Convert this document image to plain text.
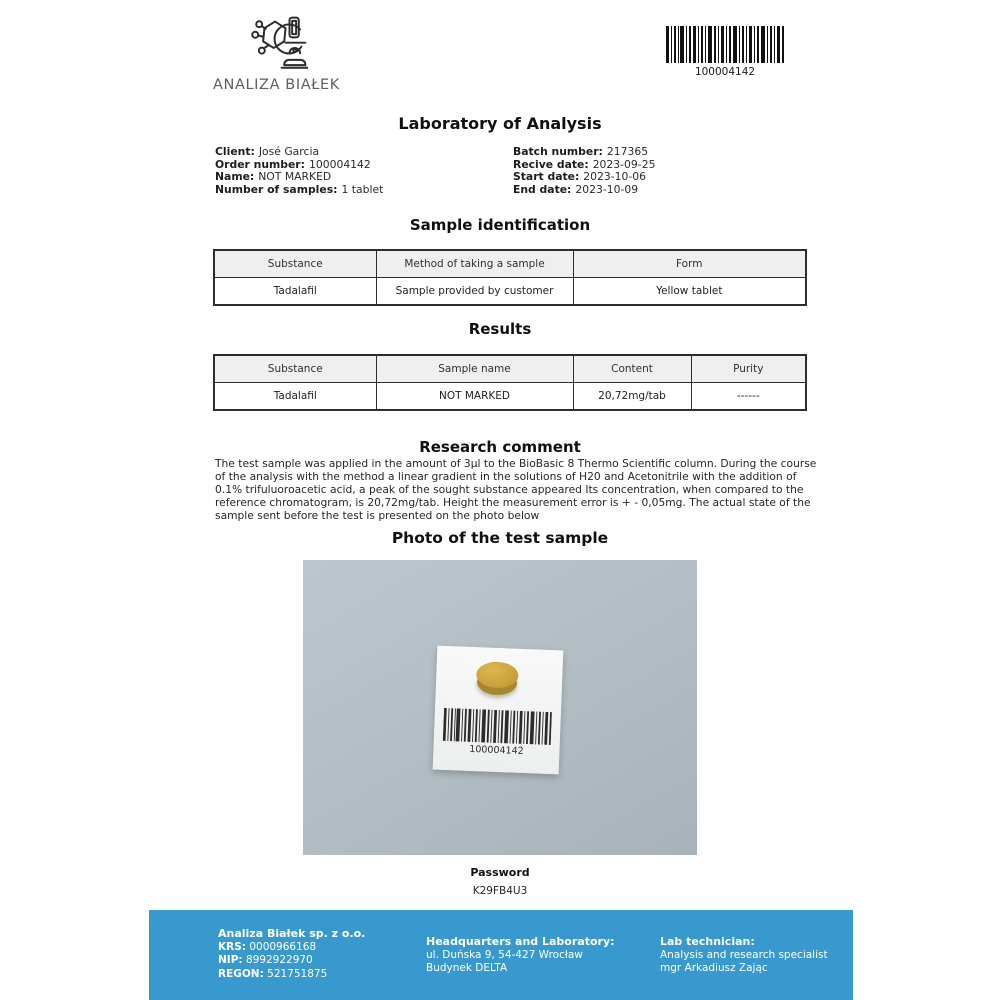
ANALIZA BIAŁEK
100004142
Laboratory of Analysis
Client: José Garcia
Order number: 100004142
Name: NOT MARKED
Number of samples: 1 tablet
Batch number: 217365
Recive date: 2023-09-25
Start date: 2023-10-06
End date: 2023-10-09
Sample identification
Substance	Method of taking a sample	Form
Tadalafil	Sample provided by customer	Yellow tablet
Results
Substance	Sample name	Content	Purity
Tadalafil	NOT MARKED	20,72mg/tab	------
Research comment
The test sample was applied in the amount of 3µl to the BioBasic 8 Thermo Scientific column. During the course of the analysis with the method a linear gradient in the solutions of H20 and Acetonitrile with the addition of 0.1% trifuluoroacetic acid, a peak of the sought substance appeared Its concentration, when compared to the reference chromatogram, is 20,72mg/tab. Height the measurement error is + - 0,05mg. The actual state of the sample sent before the test is presented on the photo below
Photo of the test sample
100004142
Password
K29FB4U3
Analiza Białek sp. z o.o.
KRS: 0000966168
NIP: 8992922970
REGON: 521751875
Headquarters and Laboratory:
ul. Duńska 9, 54-427 Wrocław
Budynek DELTA
Lab technician:
Analysis and research specialist
mgr Arkadiusz Zając
